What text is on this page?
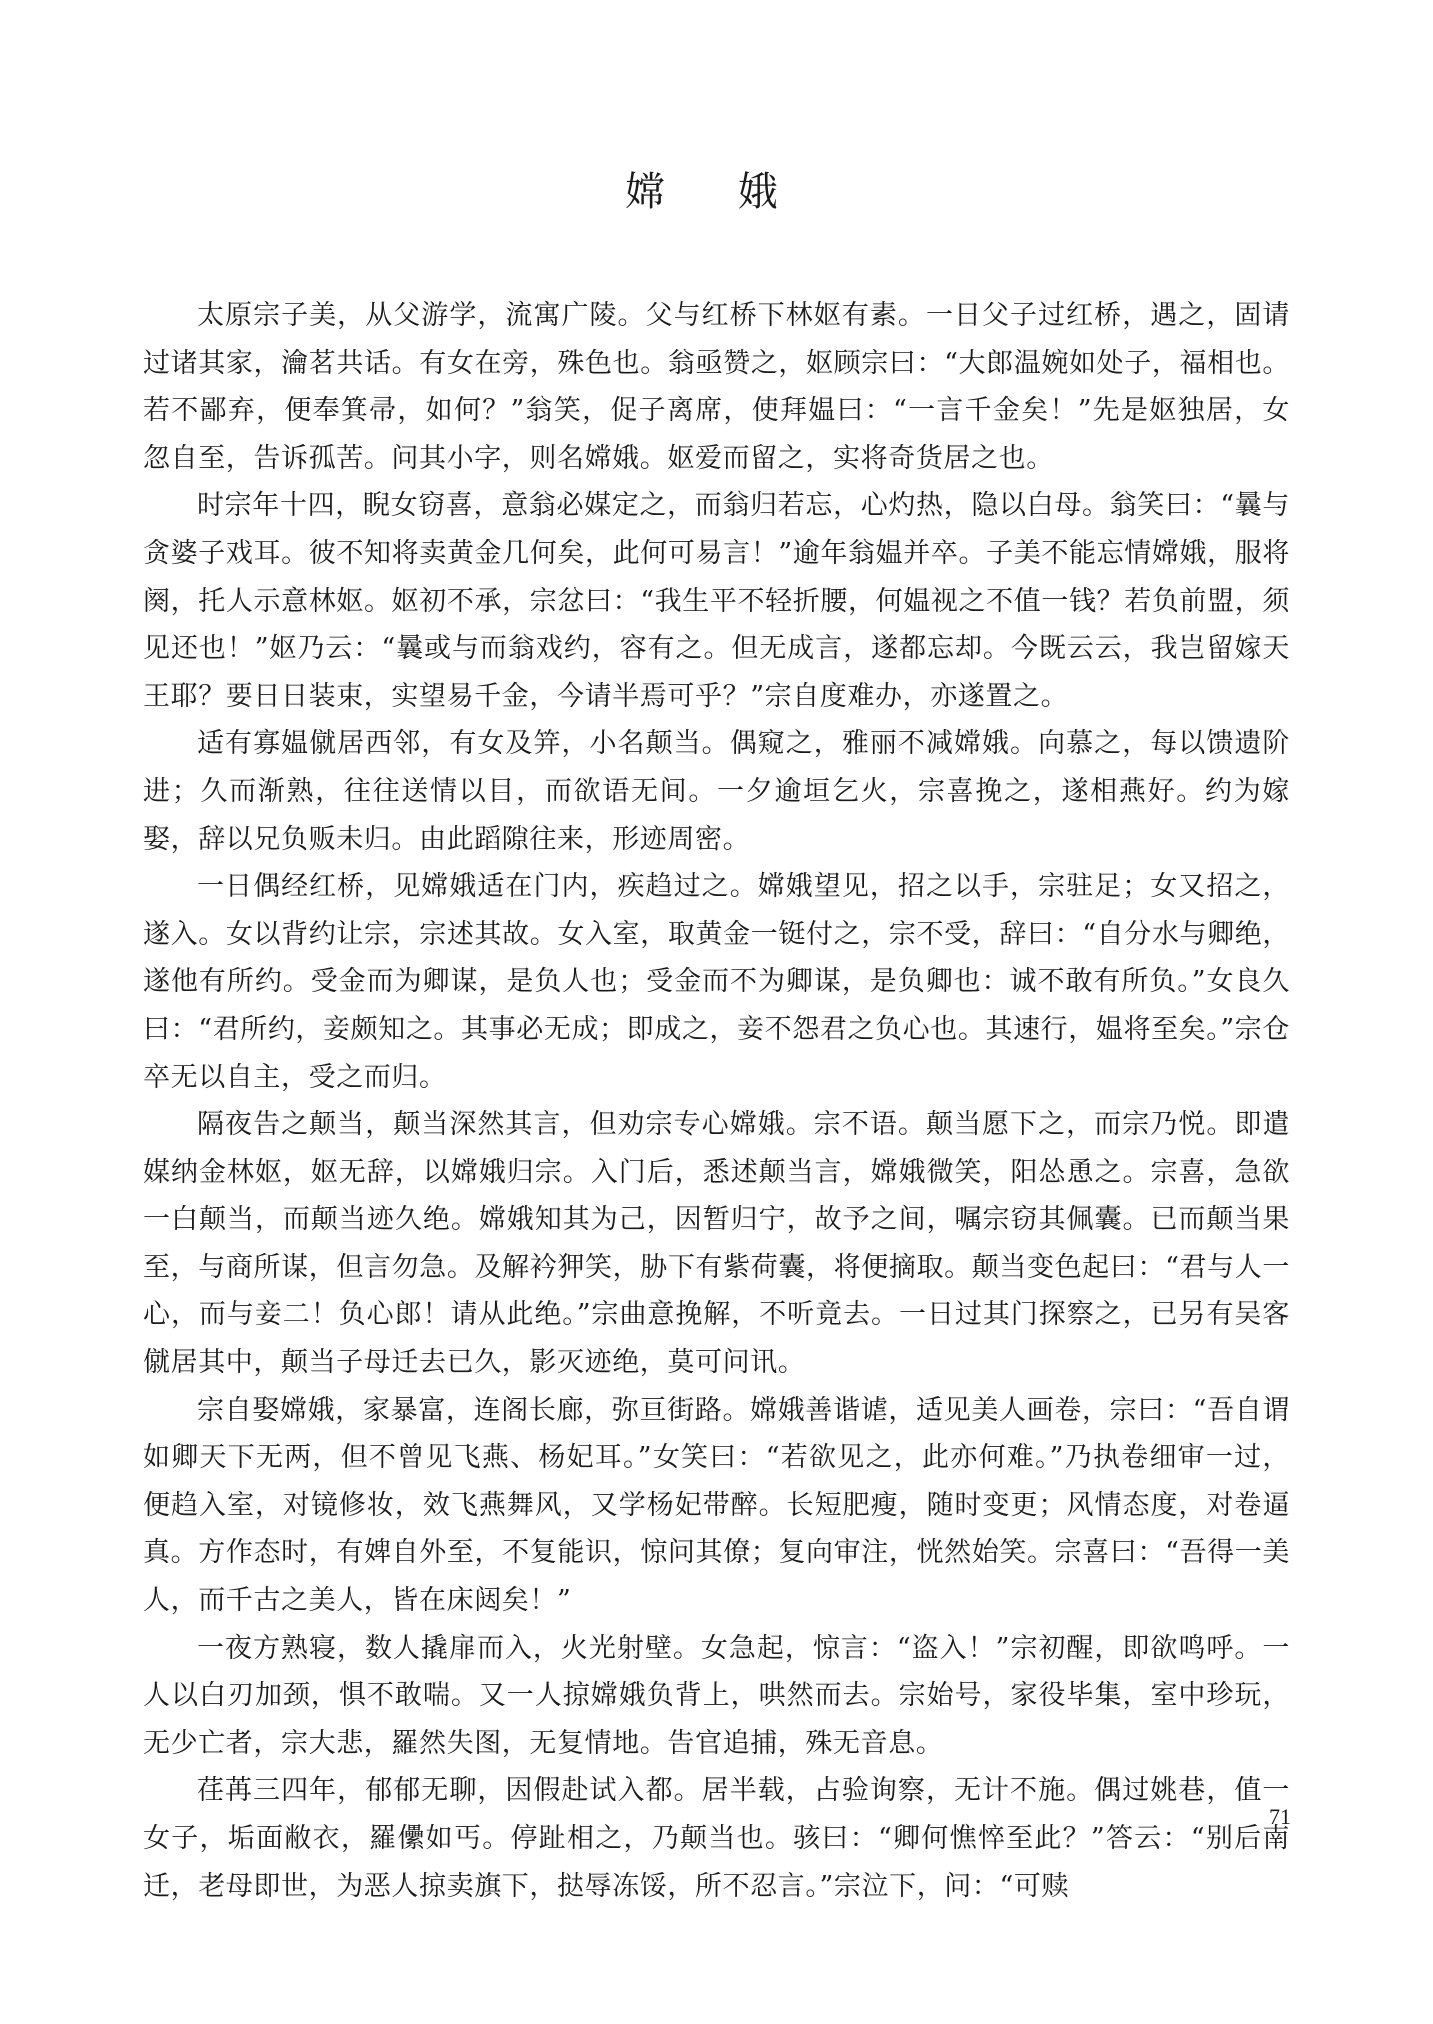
嫦 娥

太原宗子美，从父游学，流寓广陵。父与红桥下林妪有素。一日父子过红桥，遇之，固请过诸其家，瀹茗共话。有女在旁，殊色也。翁亟赞之，妪顾宗曰：“大郎温婉如处子，福相也。若不鄙弃，便奉箕帚，如何？”翁笑，促子离席，使拜媪曰：“一言千金矣！”先是妪独居，女忽自至，告诉孤苦。问其小字，则名嫦娥。妪爱而留之，实将奇货居之也。

时宗年十四，睨女窃喜，意翁必媒定之，而翁归若忘，心灼热，隐以白母。翁笑曰：“曩与贪婆子戏耳。彼不知将卖黄金几何矣，此何可易言！”逾年翁媪并卒。子美不能忘情嫦娥，服将阕，托人示意林妪。妪初不承，宗忿曰：“我生平不轻折腰，何媪视之不值一钱？若负前盟，须见还也！”妪乃云：“曩或与而翁戏约，容有之。但无成言，遂都忘却。今既云云，我岂留嫁天王耶？要日日装束，实望易千金，今请半焉可乎？”宗自度难办，亦遂置之。

适有寡媪僦居西邻，有女及笄，小名颠当。偶窥之，雅丽不减嫦娥。向慕之，每以馈遗阶进；久而渐熟，往往送情以目，而欲语无间。一夕逾垣乞火，宗喜挽之，遂相燕好。约为嫁娶，辞以兄负贩未归。由此蹈隙往来，形迹周密。

一日偶经红桥，见嫦娥适在门内，疾趋过之。嫦娥望见，招之以手，宗驻足；女又招之，遂入。女以背约让宗，宗述其故。女入室，取黄金一铤付之，宗不受，辞曰：“自分水与卿绝，遂他有所约。受金而为卿谋，是负人也；受金而不为卿谋，是负卿也：诚不敢有所负。”女良久曰：“君所约，妾颇知之。其事必无成；即成之，妾不怨君之负心也。其速行，媪将至矣。”宗仓卒无以自主，受之而归。

隔夜告之颠当，颠当深然其言，但劝宗专心嫦娥。宗不语。颠当愿下之，而宗乃悦。即遣媒纳金林妪，妪无辞，以嫦娥归宗。入门后，悉述颠当言，嫦娥微笑，阳怂恿之。宗喜，急欲一白颠当，而颠当迹久绝。嫦娥知其为己，因暂归宁，故予之间，嘱宗窃其佩囊。已而颠当果至，与商所谋，但言勿急。及解衿狎笑，胁下有紫荷囊，将便摘取。颠当变色起曰：“君与人一心，而与妾二！负心郎！请从此绝。”宗曲意挽解，不听竟去。一日过其门探察之，已另有吴客僦居其中，颠当子母迁去已久，影灭迹绝，莫可问讯。

宗自娶嫦娥，家暴富，连阁长廊，弥亘街路。嫦娥善谐谑，适见美人画卷，宗曰：“吾自谓如卿天下无两，但不曾见飞燕、杨妃耳。”女笑曰：“若欲见之，此亦何难。”乃执卷细审一过，便趋入室，对镜修妆，效飞燕舞风，又学杨妃带醉。长短肥瘦，随时变更；风情态度，对卷逼真。方作态时，有婢自外至，不复能识，惊问其僚；复向审注，恍然始笑。宗喜曰：“吾得一美人，而千古之美人，皆在床闼矣！”

一夜方熟寝，数人撬扉而入，火光射壁。女急起，惊言：“盗入！”宗初醒，即欲鸣呼。一人以白刃加颈，惧不敢喘。又一人掠嫦娥负背上，哄然而去。宗始号，家役毕集，室中珍玩，无少亡者，宗大悲，羅然失图，无复情地。告官追捕，殊无音息。

荏苒三四年，郁郁无聊，因假赴试入都。居半载，占验询察，无计不施。偶过姚巷，值一女子，垢面敝衣，羅儽如丐。停趾相之，乃颠当也。骇曰：“卿何憔悴至此？”答云：“别后南迁，老母即世，为恶人掠卖旗下，挞辱冻馁，所不忍言。”宗泣下，问：“可赎

71
